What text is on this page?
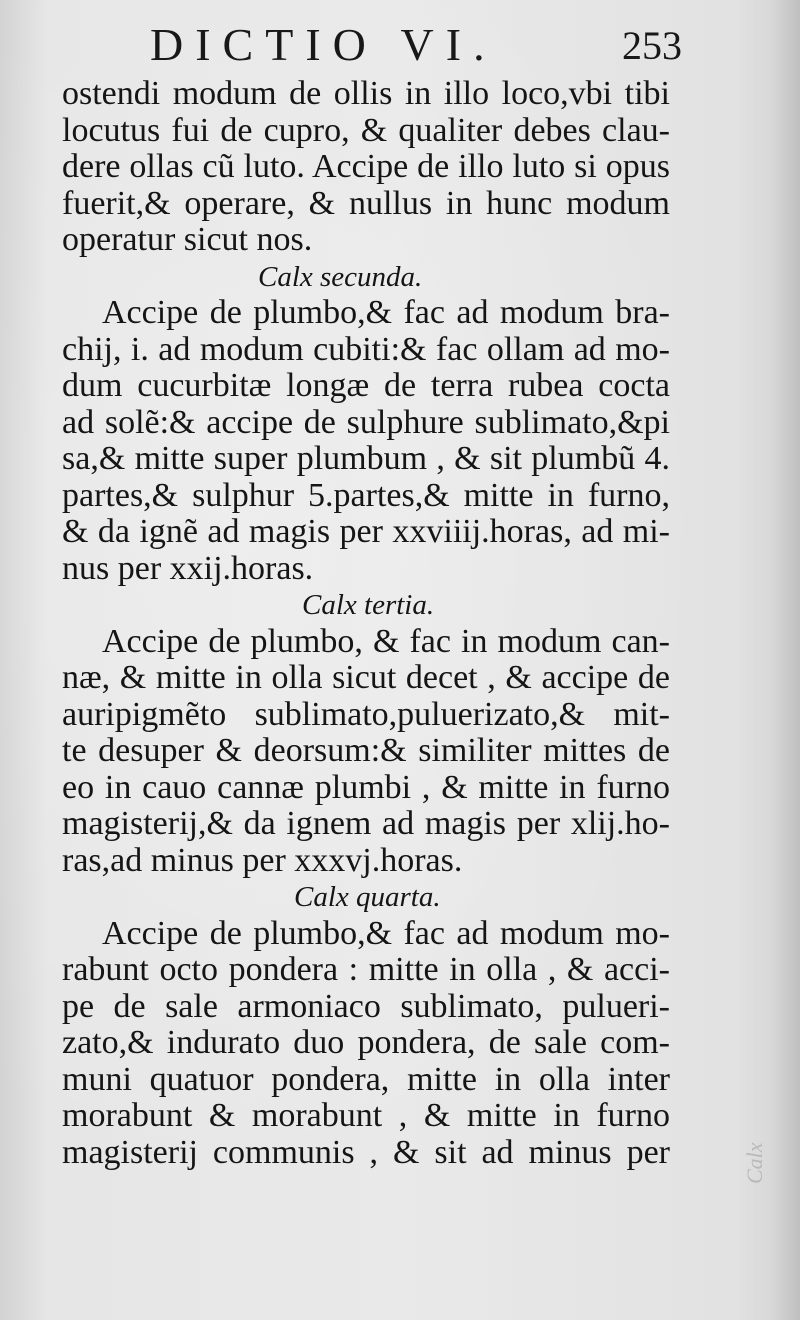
DICTIO VI.	253
ostendi modum de ollis in illo loco,vbi tibi
locutus fui de cupro, & qualiter debes clau-
dere ollas cũ luto. Accipe de illo luto si opus
fuerit,& operare, & nullus in hunc modum
operatur sicut nos.
Calx secunda.
Accipe de plumbo,& fac ad modum bra-
chij, i. ad modum cubiti:& fac ollam ad mo-
dum cucurbitæ longæ de terra rubea cocta
ad solẽ:& accipe de sulphure sublimato,&pi
sa,& mitte super plumbum , & sit plumbũ 4.
partes,& sulphur 5.partes,& mitte in furno,
& da ignẽ ad magis per xxviiij.horas, ad mi-
nus per xxij.horas.
Calx tertia.
Accipe de plumbo, & fac in modum can-
næ, & mitte in olla sicut decet , & accipe de
auripigmẽto sublimato,puluerizato,& mit-
te desuper & deorsum:& similiter mittes de
eo in cauo cannæ plumbi , & mitte in furno
magisterij,& da ignem ad magis per xlij.ho-
ras,ad minus per xxxvj.horas.
Calx quarta.
Accipe de plumbo,& fac ad modum mo-
rabunt octo pondera : mitte in olla , & acci-
pe de sale armoniaco sublimato, pulueri-
zato,& indurato duo pondera, de sale com-
muni quatuor pondera, mitte in olla inter
morabunt & morabunt , & mitte in furno
magisterij communis , & sit ad minus per	Calx
